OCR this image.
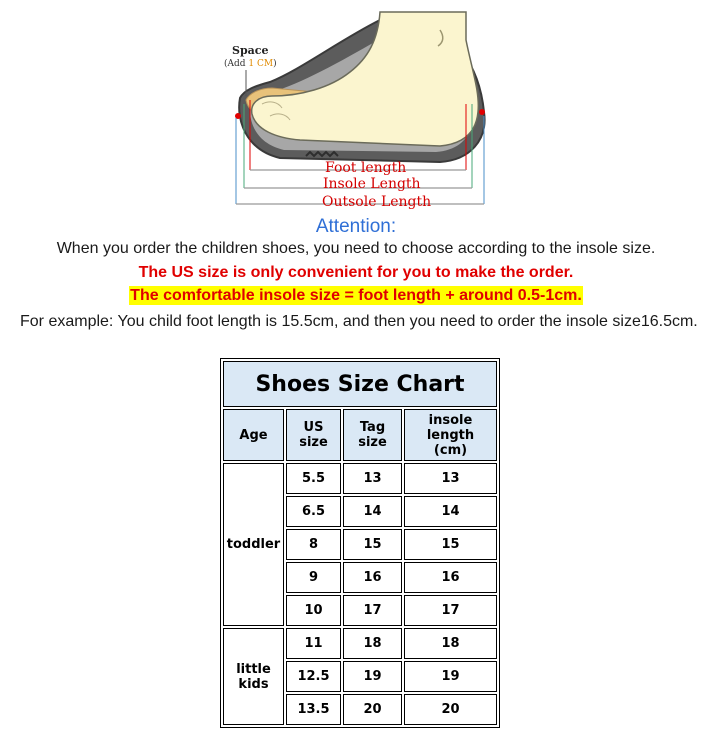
Space
(Add 1 CM)
Foot length
Insole Length
Outsole Length
Attention:
When you order the children shoes, you need to choose according to the insole size.
The US size is only convenient for you to make the order.
The comfortable insole size = foot length + around 0.5-1cm.
For example: You child foot length is 15.5cm, and then you need to order the insole size16.5cm.
Shoes Size Chart			
Age	US size	Tag size	insole length
(cm)
toddler	5.5	13	13
	6.5	14	14
	8	15	15
	9	16	16
	10	17	17
little kids	11	18	18
	12.5	19	19
	13.5	20	20
